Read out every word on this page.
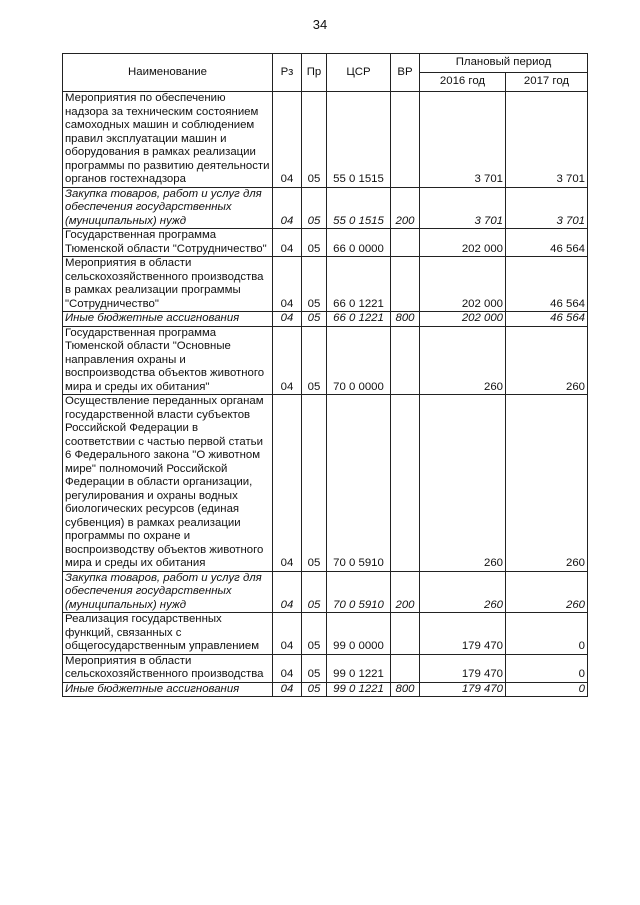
34
Наименование	Рз	Пр	ЦСР	ВР	Плановый период	
					2016 год	2017 год
Мероприятия по обеспечению надзора за техническим состоянием самоходных машин и соблюдением правил эксплуатации машин и оборудования в рамках реализации программы по развитию деятельности органов гостехнадзора	04	05	55 0 1515		3 701	3 701
Закупка товаров, работ и услуг для обеспечения государственных (муниципальных) нужд	04	05	55 0 1515	200	3 701	3 701
Государственная программа Тюменской области "Сотрудничество"	04	05	66 0 0000		202 000	46 564
Мероприятия в области сельскохозяйственного производства в рамках реализации программы "Сотрудничество"	04	05	66 0 1221		202 000	46 564
Иные бюджетные ассигнования	04	05	66 0 1221	800	202 000	46 564
Государственная программа Тюменской области "Основные направления охраны и воспроизводства объектов животного мира и среды их обитания"	04	05	70 0 0000		260	260
Осуществление переданных органам государственной власти субъектов Российской Федерации в соответствии с частью первой статьи 6 Федерального закона "О животном мире" полномочий Российской Федерации в области организации, регулирования и охраны водных биологических ресурсов (единая субвенция) в рамках реализации программы по охране и воспроизводству объектов животного мира и среды их обитания	04	05	70 0 5910		260	260
Закупка товаров, работ и услуг для обеспечения государственных (муниципальных) нужд	04	05	70 0 5910	200	260	260
Реализация государственных функций, связанных с общегосударственным управлением	04	05	99 0 0000		179 470	0
Мероприятия в области сельскохозяйственного производства	04	05	99 0 1221		179 470	0
Иные бюджетные ассигнования	04	05	99 0 1221	800	179 470	0
